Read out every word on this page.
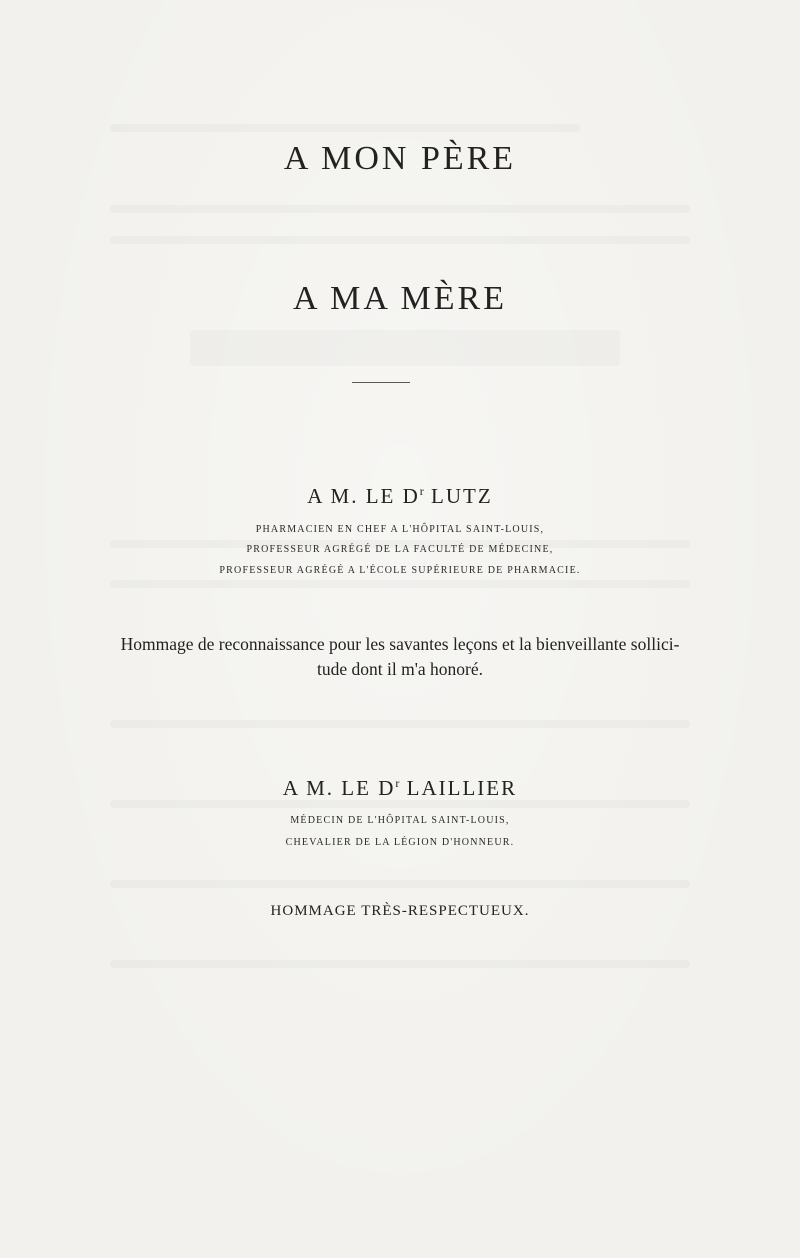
A MON PÈRE
A MA MÈRE
A M. LE $D^r$ LUTZ
PHARMACIEN EN CHEF A L'HÔPITAL SAINT-LOUIS,
PROFESSEUR AGRÉGÉ DE LA FACULTÉ DE MÉDECINE,
PROFESSEUR AGRÉGÉ A L'ÉCOLE SUPÉRIEURE DE PHARMACIE.
Hommage de reconnaissance pour les savantes leçons et la bienveillante sollici-
tude dont il m'a honoré.
A M. LE $D^r$ LAILLIER
MÉDECIN DE L'HÔPITAL SAINT-LOUIS,
CHEVALIER DE LA LÉGION D'HONNEUR.
HOMMAGE TRÈS-RESPECTUEUX.
